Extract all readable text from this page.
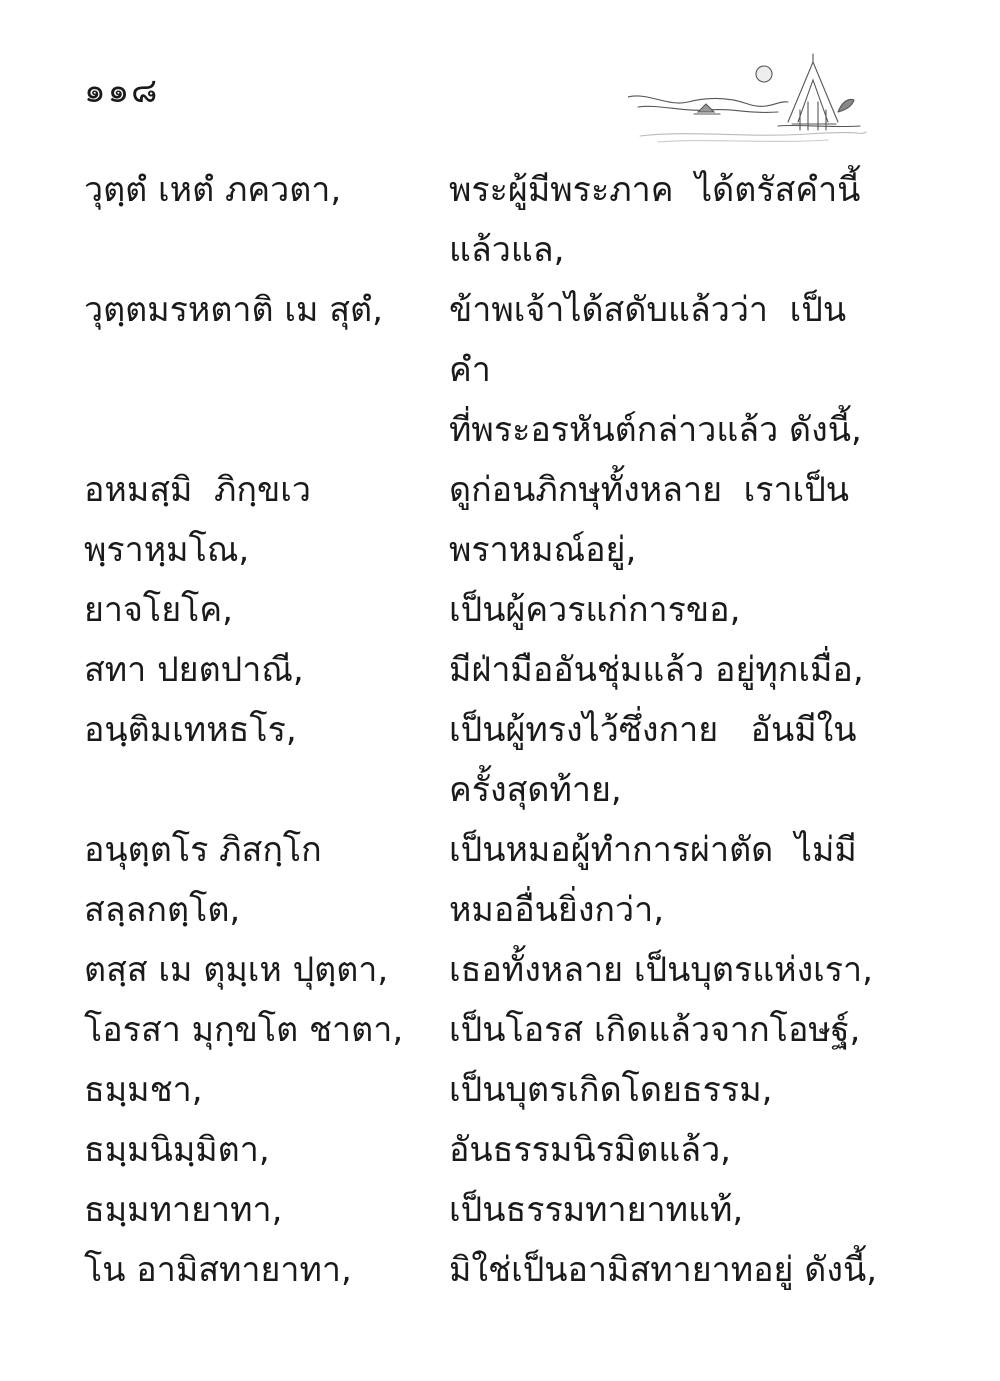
๑๑๘
วุตฺตํ เหตํ ภควตา,	พระผู้มีพระภาค  ได้ตรัสคำนี้
แล้วแล,
วุตฺตมรหตาติ เม สุตํ,	ข้าพเจ้าได้สดับแล้วว่า  เป็นคำ
ที่พระอรหันต์กล่าวแล้ว ดังนี้,
อหมสฺมิ  ภิกฺขเว	ดูก่อนภิกษุทั้งหลาย  เราเป็น
พฺราหฺมโณ,	พราหมณ์อยู่,
ยาจโยโค,	เป็นผู้ควรแก่การขอ,
สทา ปยตปาณี,	มีฝ่ามืออันชุ่มแล้ว อยู่ทุกเมื่อ,
อนฺติมเทหธโร,	เป็นผู้ทรงไว้ซึ่งกาย   อันมีใน
ครั้งสุดท้าย,
อนุตฺตโร ภิสกฺโก	เป็นหมอผู้ทำการผ่าตัด  ไม่มี
สลฺลกตฺโต,	หมออื่นยิ่งกว่า,
ตสฺส เม ตุมฺเห ปุตฺตา,	เธอทั้งหลาย เป็นบุตรแห่งเรา,
โอรสา มุกฺขโต ชาตา,	เป็นโอรส เกิดแล้วจากโอษฐ์,
ธมฺมชา,	เป็นบุตรเกิดโดยธรรม,
ธมฺมนิมฺมิตา,	อันธรรมนิรมิตแล้ว,
ธมฺมทายาทา,	เป็นธรรมทายาทแท้,
โน อามิสทายาทา,	มิใช่เป็นอามิสทายาทอยู่ ดังนี้,
